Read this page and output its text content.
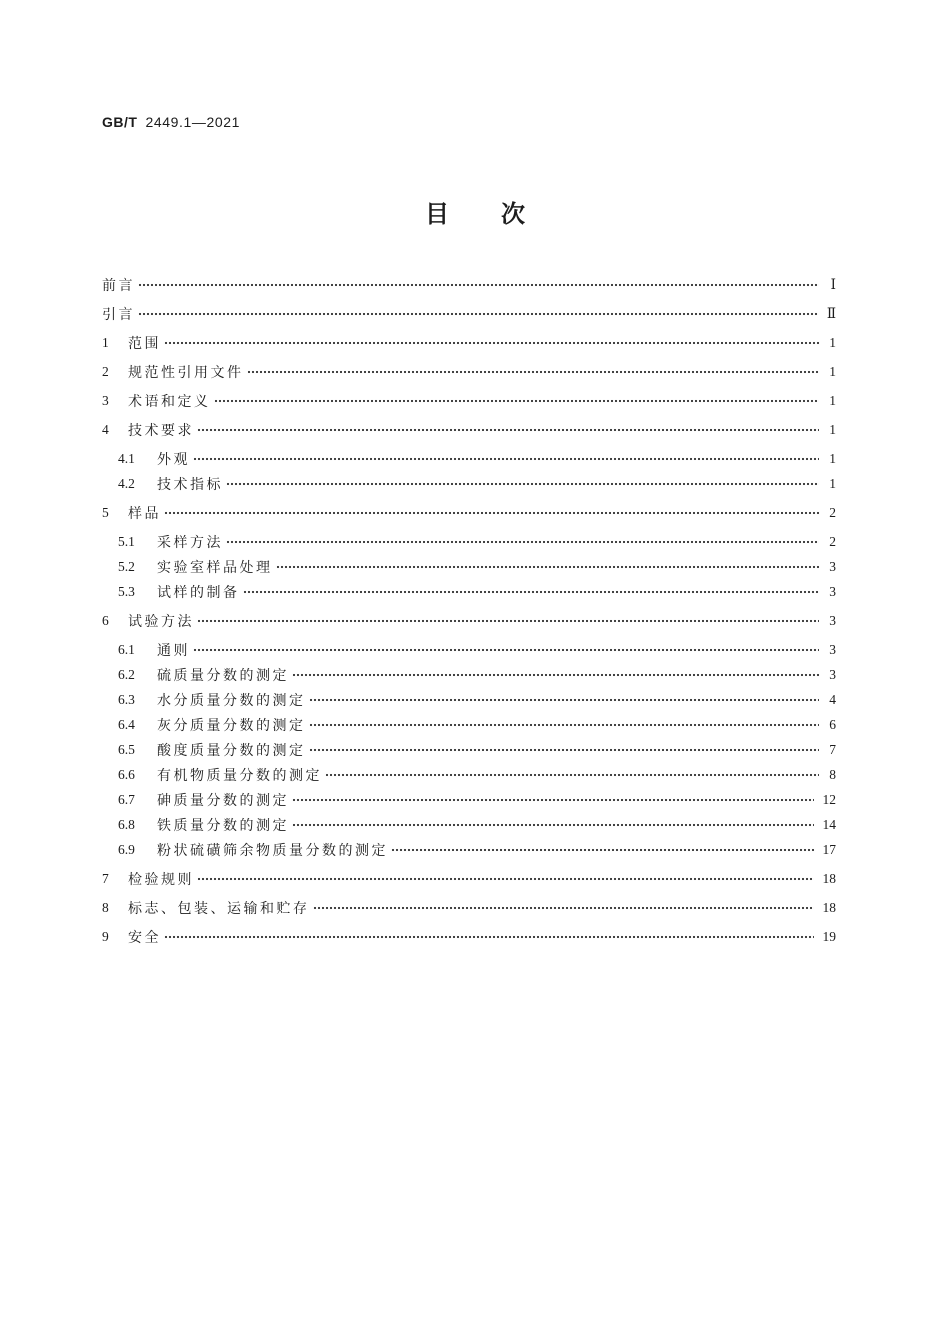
GB/T 2449.1—2021
目次
前言	Ⅰ
引言	Ⅱ
1	范围	1
2	规范性引用文件	1
3	术语和定义	1
4	技术要求	1
4.1	外观	1
4.2	技术指标	1
5	样品	2
5.1	采样方法	2
5.2	实验室样品处理	3
5.3	试样的制备	3
6	试验方法	3
6.1	通则	3
6.2	硫质量分数的测定	3
6.3	水分质量分数的测定	4
6.4	灰分质量分数的测定	6
6.5	酸度质量分数的测定	7
6.6	有机物质量分数的测定	8
6.7	砷质量分数的测定	12
6.8	铁质量分数的测定	14
6.9	粉状硫磺筛余物质量分数的测定	17
7	检验规则	18
8	标志、包装、运输和贮存	18
9	安全	19
